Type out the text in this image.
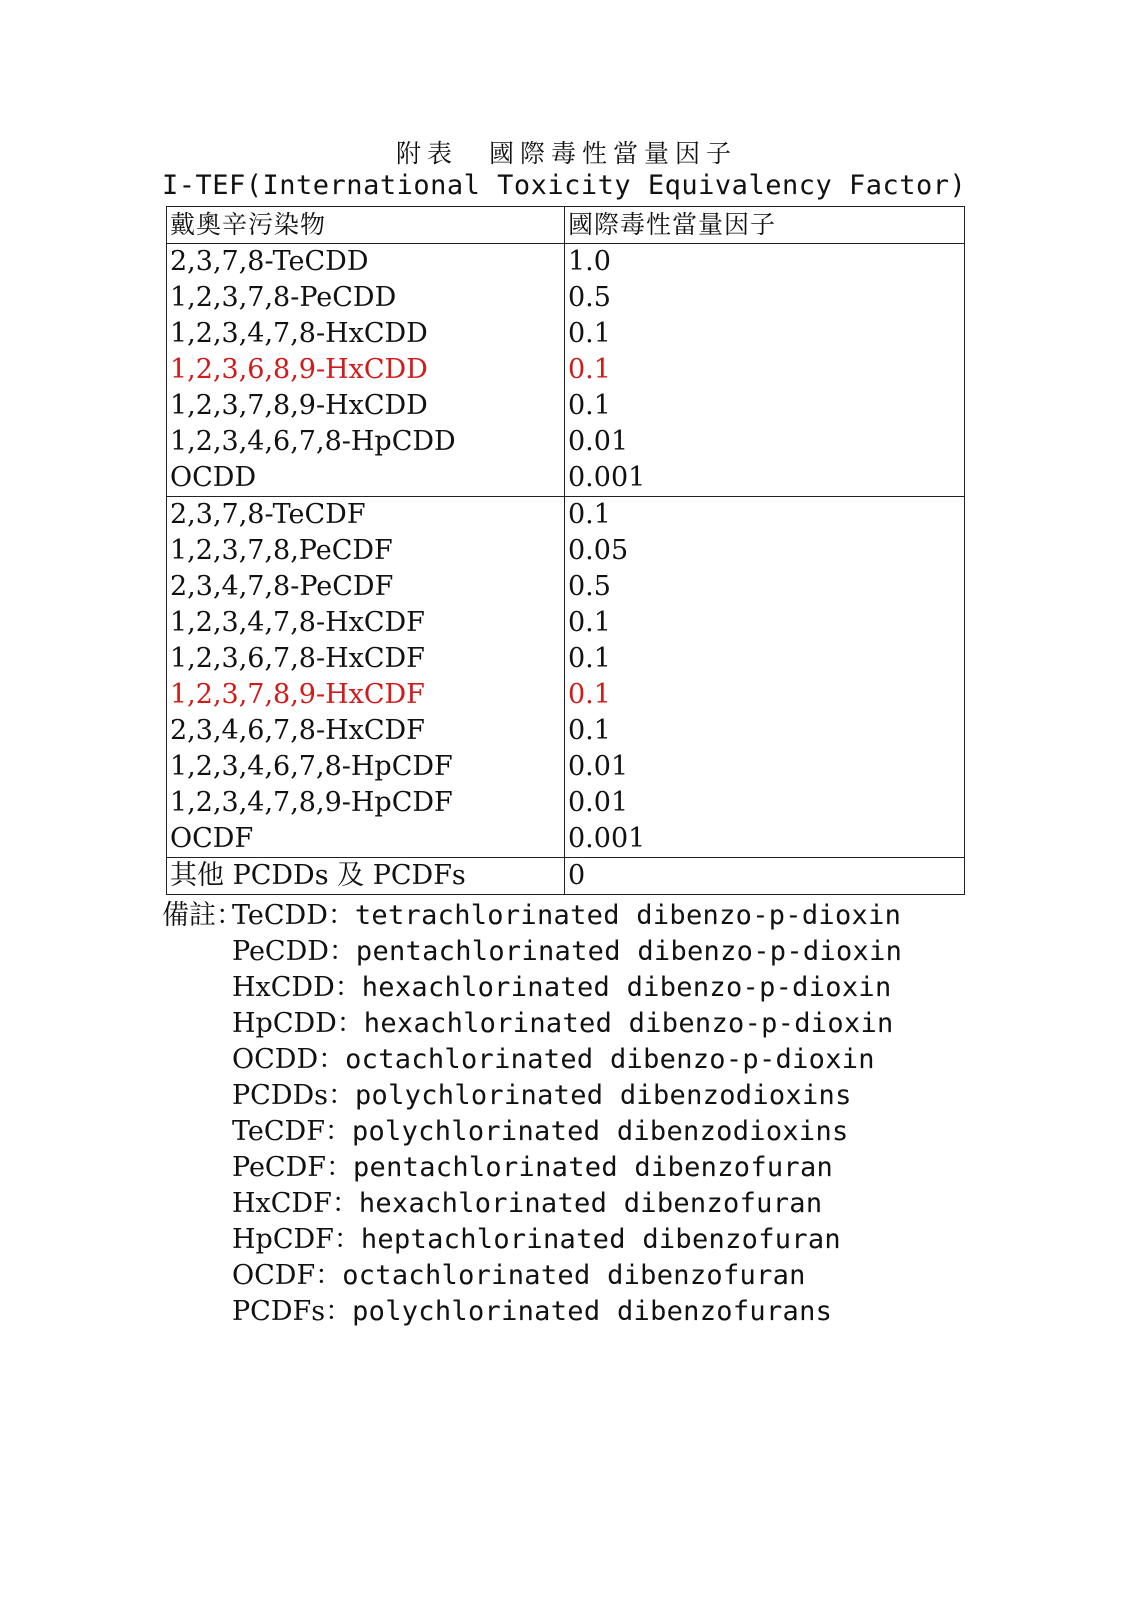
附表　國際毒性當量因子
I-TEF(International Toxicity Equivalency Factor)
戴奧辛污染物	國際毒性當量因子
2,3,7,8-TeCDD	1.0
1,2,3,7,8-PeCDD	0.5
1,2,3,4,7,8-HxCDD	0.1
1,2,3,6,8,9-HxCDD	0.1
1,2,3,7,8,9-HxCDD	0.1
1,2,3,4,6,7,8-HpCDD	0.01
OCDD	0.001
2,3,7,8-TeCDF	0.1
1,2,3,7,8,PeCDF	0.05
2,3,4,7,8-PeCDF	0.5
1,2,3,4,7,8-HxCDF	0.1
1,2,3,6,7,8-HxCDF	0.1
1,2,3,7,8,9-HxCDF	0.1
2,3,4,6,7,8-HxCDF	0.1
1,2,3,4,6,7,8-HpCDF	0.01
1,2,3,4,7,8,9-HpCDF	0.01
OCDF	0.001
其他 PCDDs 及 PCDFs	0
備註：
TeCDD： tetrachlorinated dibenzo-p-dioxin
PeCDD： pentachlorinated dibenzo-p-dioxin
HxCDD： hexachlorinated dibenzo-p-dioxin
HpCDD： hexachlorinated dibenzo-p-dioxin
OCDD： octachlorinated dibenzo-p-dioxin
PCDDs： polychlorinated dibenzodioxins
TeCDF： polychlorinated dibenzodioxins
PeCDF： pentachlorinated dibenzofuran
HxCDF： hexachlorinated dibenzofuran
HpCDF： heptachlorinated dibenzofuran
OCDF： octachlorinated dibenzofuran
PCDFs： polychlorinated dibenzofurans
